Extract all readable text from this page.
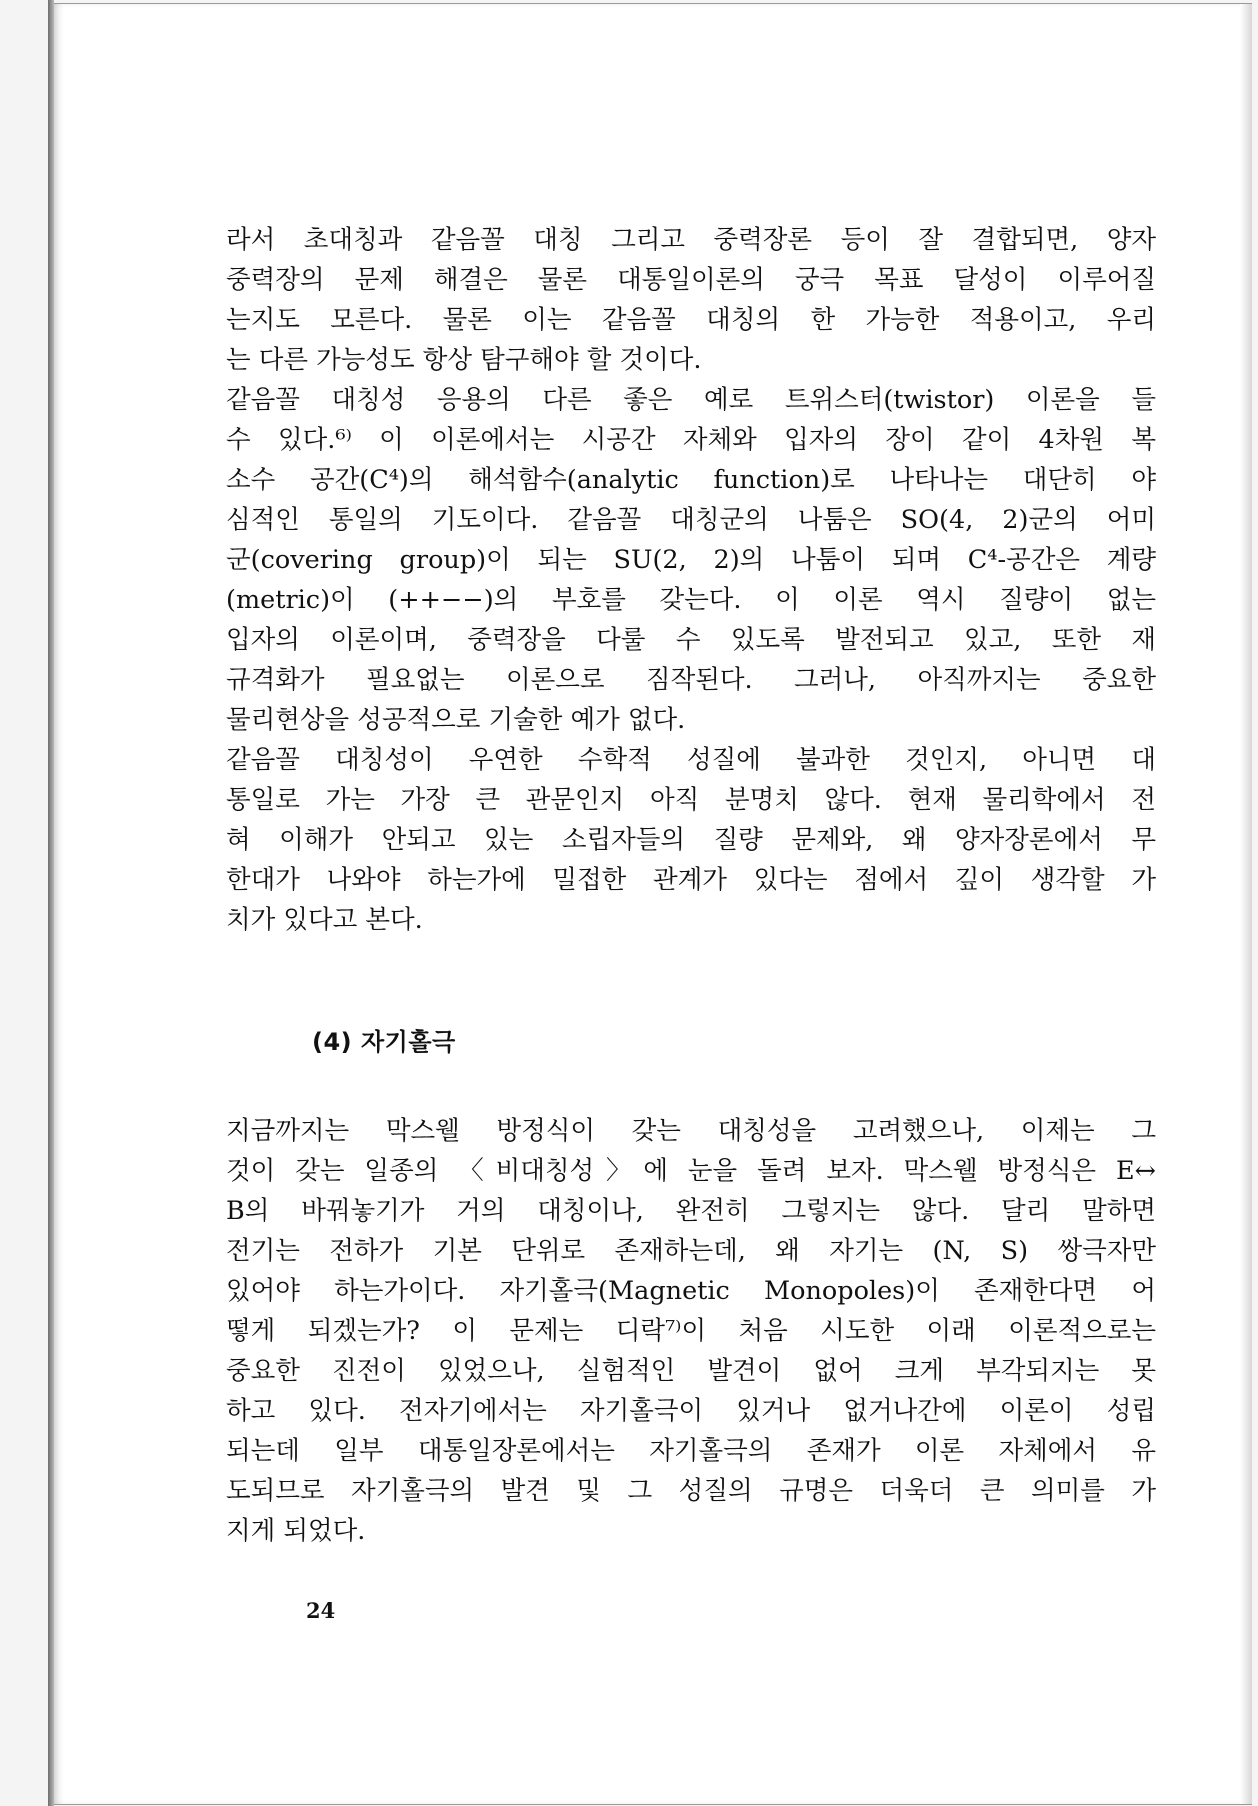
라서 초대칭과 같음꼴 대칭 그리고 중력장론 등이 잘 결합되면, 양자
중력장의 문제 해결은 물론 대통일이론의 궁극 목표 달성이 이루어질
는지도 모른다. 물론 이는 같음꼴 대칭의 한 가능한 적용이고, 우리
는 다른 가능성도 항상 탐구해야 할 것이다.
같음꼴 대칭성 응용의 다른 좋은 예로 트위스터(twistor) 이론을 들
수 있다.⁶⁾ 이 이론에서는 시공간 자체와 입자의 장이 같이 4차원 복
소수 공간(C⁴)의 해석함수(analytic function)로 나타나는 대단히 야
심적인 통일의 기도이다. 같음꼴 대칭군의 나툼은 SO(4, 2)군의 어미
군(covering group)이 되는 SU(2, 2)의 나툼이 되며 C⁴-공간은 계량
(metric)이 (++−−)의 부호를 갖는다. 이 이론 역시 질량이 없는
입자의 이론이며, 중력장을 다룰 수 있도록 발전되고 있고, 또한 재
규격화가 필요없는 이론으로 짐작된다. 그러나, 아직까지는 중요한
물리현상을 성공적으로 기술한 예가 없다.
같음꼴 대칭성이 우연한 수학적 성질에 불과한 것인지, 아니면 대
통일로 가는 가장 큰 관문인지 아직 분명치 않다. 현재 물리학에서 전
혀 이해가 안되고 있는 소립자들의 질량 문제와, 왜 양자장론에서 무
한대가 나와야 하는가에 밀접한 관계가 있다는 점에서 깊이 생각할 가
치가 있다고 본다.
(4) 자기홀극
지금까지는 막스웰 방정식이 갖는 대칭성을 고려했으나, 이제는 그
것이 갖는 일종의 〈비대칭성〉에 눈을 돌려 보자. 막스웰 방정식은 E↔
B의 바꿔놓기가 거의 대칭이나, 완전히 그렇지는 않다. 달리 말하면
전기는 전하가 기본 단위로 존재하는데, 왜 자기는 (N, S) 쌍극자만
있어야 하는가이다. 자기홀극(Magnetic Monopoles)이 존재한다면 어
떻게 되겠는가? 이 문제는 디락⁷⁾이 처음 시도한 이래 이론적으로는
중요한 진전이 있었으나, 실험적인 발견이 없어 크게 부각되지는 못
하고 있다. 전자기에서는 자기홀극이 있거나 없거나간에 이론이 성립
되는데 일부 대통일장론에서는 자기홀극의 존재가 이론 자체에서 유
도되므로 자기홀극의 발견 및 그 성질의 규명은 더욱더 큰 의미를 가
지게 되었다.
24
